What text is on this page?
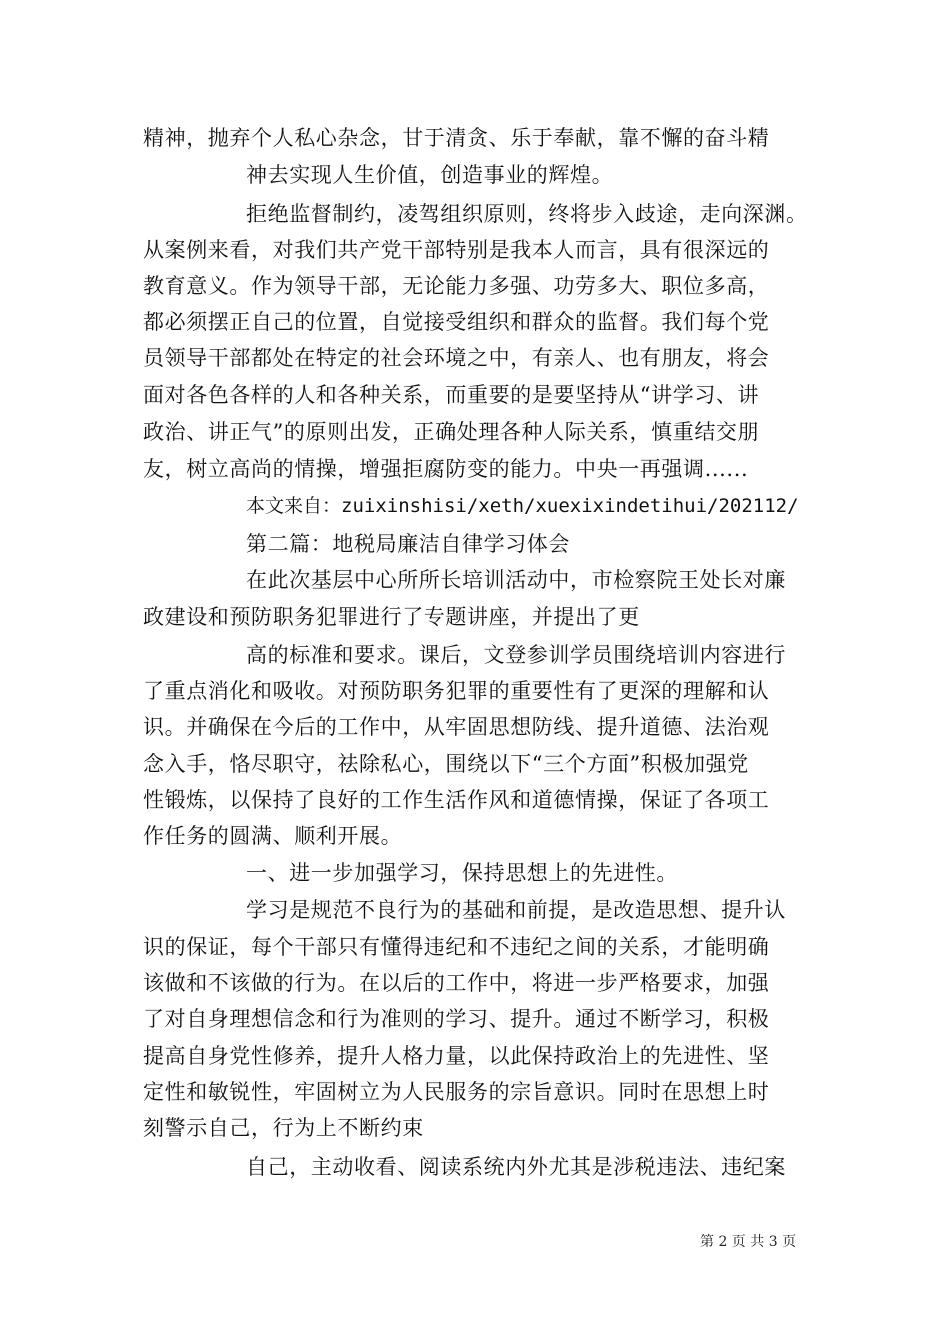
精神，抛弃个人私心杂念，甘于清贪、乐于奉献，靠不懈的奋斗精
神去实现人生价值，创造事业的辉煌。
拒绝监督制约，凌驾组织原则，终将步入歧途，走向深渊。
从案例来看，对我们共产党干部特别是我本人而言，具有很深远的
教育意义。作为领导干部，无论能力多强、功劳多大、职位多高，
都必须摆正自己的位置，自觉接受组织和群众的监督。我们每个党
员领导干部都处在特定的社会环境之中，有亲人、也有朋友，将会
面对各色各样的人和各种关系，而重要的是要坚持从“讲学习、讲
政治、讲正气”的原则出发，正确处理各种人际关系，慎重结交朋
友，树立高尚的情操，增强拒腐防变的能力。中央一再强调......
本文来自：zuixinshisi/xeth/xuexixindetihui/202112/
第二篇：地税局廉洁自律学习体会
在此次基层中心所所长培训活动中，市检察院王处长对廉
政建设和预防职务犯罪进行了专题讲座，并提出了更
高的标准和要求。课后，文登参训学员围绕培训内容进行
了重点消化和吸收。对预防职务犯罪的重要性有了更深的理解和认
识。并确保在今后的工作中，从牢固思想防线、提升道德、法治观
念入手，恪尽职守，祛除私心，围绕以下“三个方面”积极加强党
性锻炼，以保持了良好的工作生活作风和道德情操，保证了各项工
作任务的圆满、顺利开展。
一、进一步加强学习，保持思想上的先进性。
学习是规范不良行为的基础和前提，是改造思想、提升认
识的保证，每个干部只有懂得违纪和不违纪之间的关系，才能明确
该做和不该做的行为。在以后的工作中，将进一步严格要求，加强
了对自身理想信念和行为准则的学习、提升。通过不断学习，积极
提高自身党性修养，提升人格力量，以此保持政治上的先进性、坚
定性和敏锐性，牢固树立为人民服务的宗旨意识。同时在思想上时
刻警示自己，行为上不断约束
自己，主动收看、阅读系统内外尤其是涉税违法、违纪案
第 2 页 共 3 页
